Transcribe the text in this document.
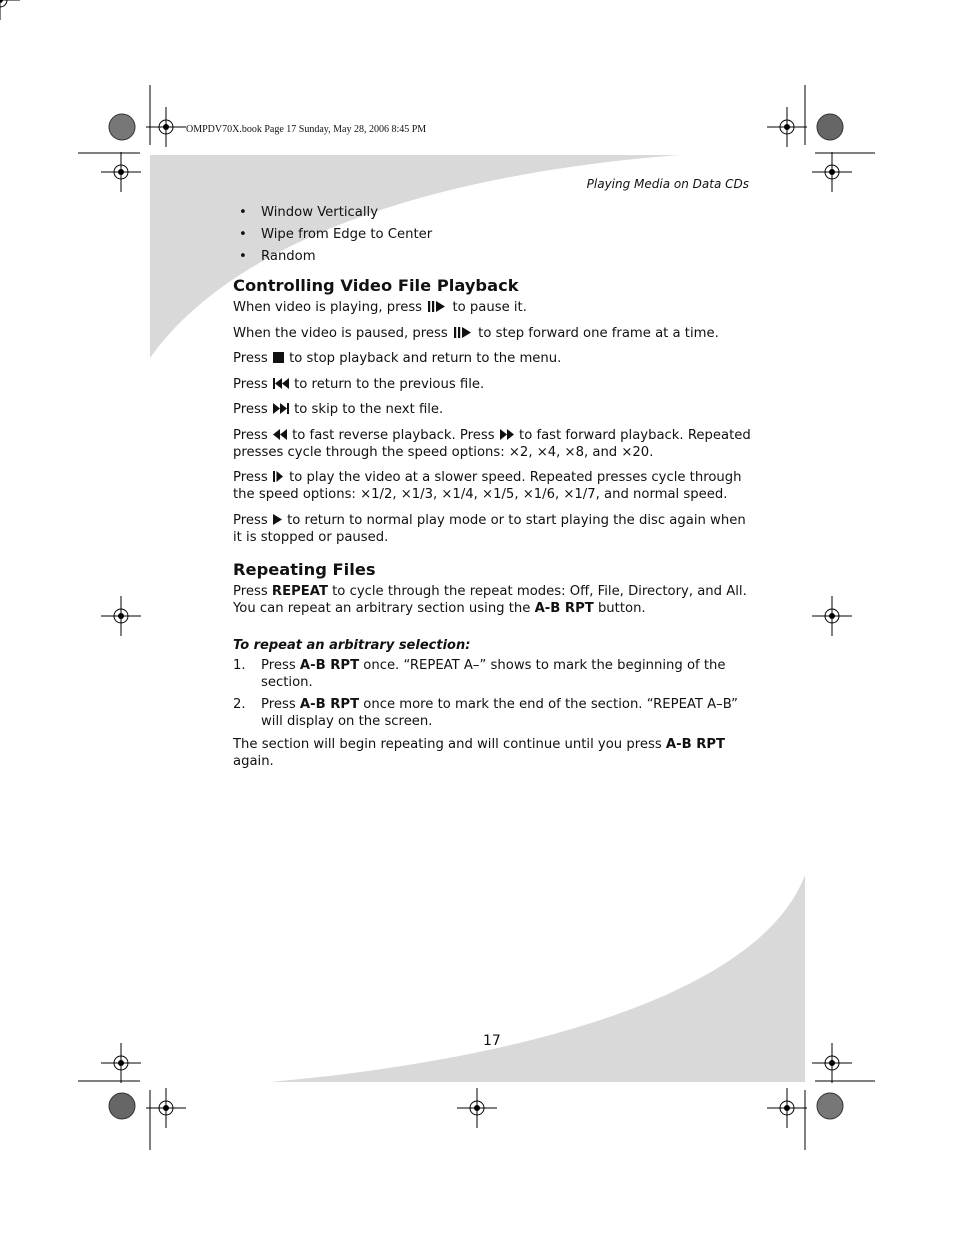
OMPDV70X.book Page 17 Sunday, May 28, 2006 8:45 PM
Playing Media on Data CDs
• Window Vertically
• Wipe from Edge to Center
• Random
Controlling Video File Playback

When video is playing, press to pause it.

When the video is paused, press to step forward one frame at a time.

Press to stop playback and return to the menu.

Press to return to the previous file.

Press to skip to the next file.

Press to fast reverse playback. Press to fast forward playback. Repeated presses cycle through the speed options: ×2, ×4, ×8, and ×20.

Press to play the video at a slower speed. Repeated presses cycle through the speed options: ×1/2, ×1/3, ×1/4, ×1/5, ×1/6, ×1/7, and normal speed.

Press to return to normal play mode or to start playing the disc again when it is stopped or paused.

Repeating Files

Press REPEAT to cycle through the repeat modes: Off, File, Directory, and All. You can repeat an arbitrary section using the A-B RPT button.

To repeat an arbitrary selection:
1. Press A-B RPT once. “REPEAT A–” shows to mark the beginning of the section.
2. Press A-B RPT once more to mark the end of the section. “REPEAT A–B” will display on the screen.

The section will begin repeating and will continue until you press A-B RPT again.

17
